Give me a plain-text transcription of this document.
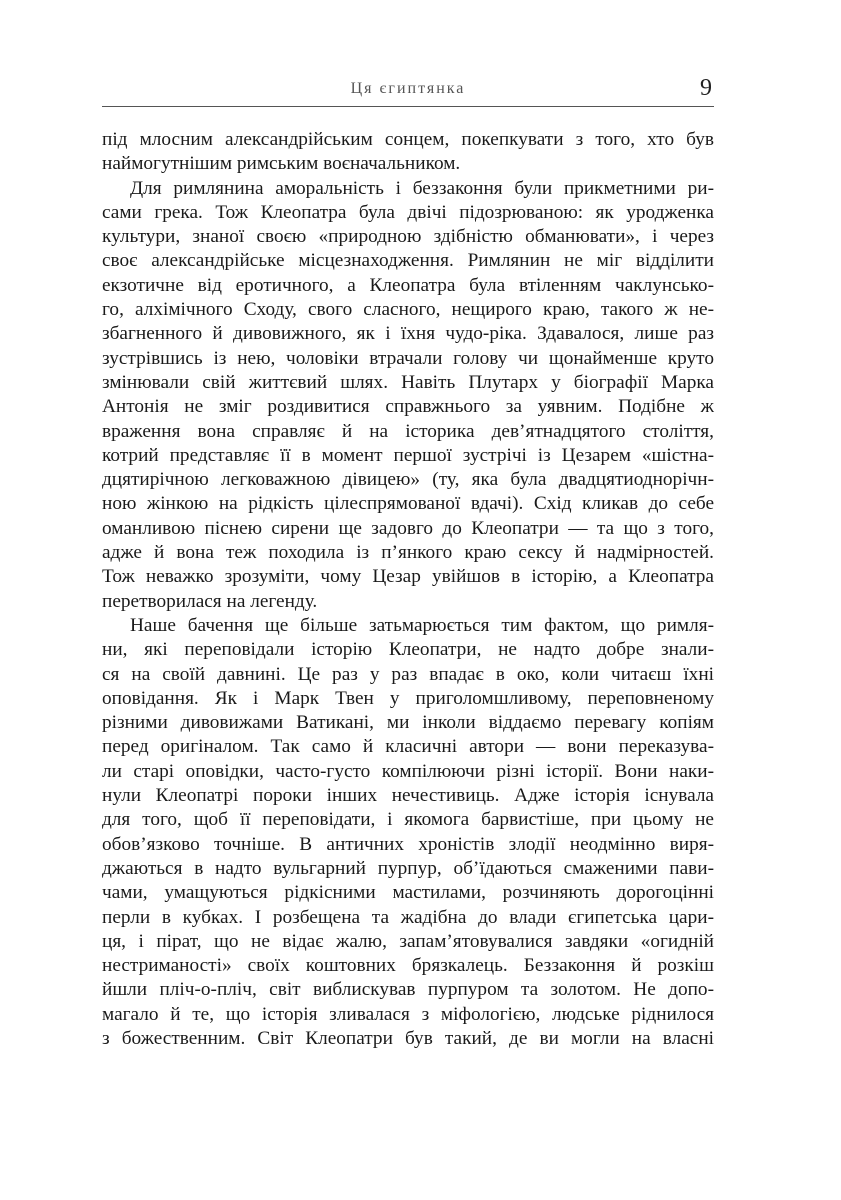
Ця єгиптянка	9
під млосним александрійським сонцем, покепкувати з того, хто був
наймогутнішим римським воєначальником.
Для римлянина аморальність і беззаконня були прикметними ри-
сами грека. Тож Клеопатра була двічі підозрюваною: як уродженка
культури, знаної своєю «природною здібністю обманювати», і через
своє александрійське місцезнаходження. Римлянин не міг відділити
екзотичне від еротичного, а Клеопатра була втіленням чаклунсько-
го, алхімічного Сходу, свого сласного, нещирого краю, такого ж не-
збагненного й дивовижного, як і їхня чудо-ріка. Здавалося, лише раз
зустрівшись із нею, чоловіки втрачали голову чи щонайменше круто
змінювали свій життєвий шлях. Навіть Плутарх у біографії Марка
Антонія не зміг роздивитися справжнього за уявним. Подібне ж
враження вона справляє й на історика дев’ятнадцятого століття,
котрий представляє її в момент першої зустрічі із Цезарем «шістна-
дцятирічною легковажною дівицею» (ту, яка була двадцятиоднорічн-
ною жінкою на рідкість цілеспрямованої вдачі). Схід кликав до себе
оманливою піснею сирени ще задовго до Клеопатри — та що з того,
адже й вона теж походила із п’янкого краю сексу й надмірностей.
Тож неважко зрозуміти, чому Цезар увійшов в історію, а Клеопатра
перетворилася на легенду.
Наше бачення ще більше затьмарюється тим фактом, що римля-
ни, які переповідали історію Клеопатри, не надто добре знали-
ся на своїй давнині. Це раз у раз впадає в око, коли читаєш їхні
оповідання. Як і Марк Твен у приголомшливому, переповненому
різними дивовижами Ватикані, ми інколи віддаємо перевагу копіям
перед оригіналом. Так само й класичні автори — вони переказува-
ли старі оповідки, часто-густо компілюючи різні історії. Вони наки-
нули Клеопатрі пороки інших нечестивиць. Адже історія існувала
для того, щоб її переповідати, і якомога барвистіше, при цьому не
обов’язково точніше. В античних хроністів злодії неодмінно виря-
джаються в надто вульгарний пурпур, об’їдаються смаженими пави-
чами, умащуються рідкісними мастилами, розчиняють дорогоцінні
перли в кубках. І розбещена та жадібна до влади єгипетська цари-
ця, і пірат, що не відає жалю, запам’ятовувалися завдяки «огидній
нестриманості» своїх коштовних брязкалець. Беззаконня й розкіш
йшли пліч-о-пліч, світ виблискував пурпуром та золотом. Не допо-
магало й те, що історія зливалася з міфологією, людське ріднилося
з божественним. Світ Клеопатри був такий, де ви могли на власні
